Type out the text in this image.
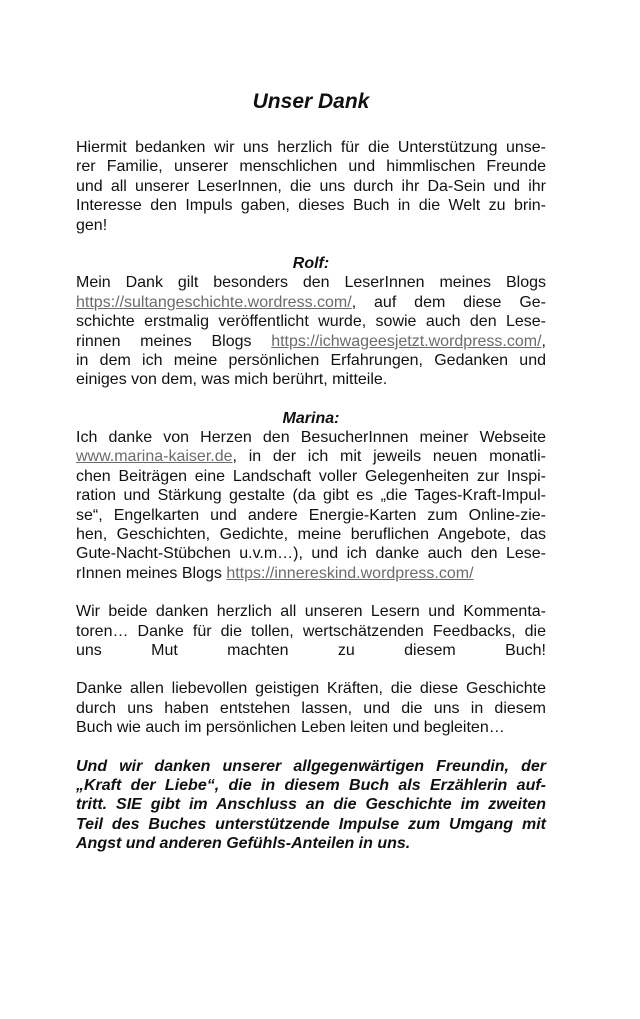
Unser Dank
Hiermit bedanken wir uns herzlich für die Unterstützung unse-
rer Familie, unserer menschlichen und himmlischen Freunde
und all unserer LeserInnen, die uns durch ihr Da-Sein und ihr
Interesse den Impuls gaben, dieses Buch in die Welt zu brin-
gen!
Rolf:
Mein Dank gilt besonders den LeserInnen meines Blogs
https://sultangeschichte.wordress.com/, auf dem diese Ge-
schichte erstmalig veröffentlicht wurde, sowie auch den Lese-
rinnen meines Blogs https://ichwageesjetzt.wordpress.com/,
in dem ich meine persönlichen Erfahrungen, Gedanken und
einiges von dem, was mich berührt, mitteile.
Marina:
Ich danke von Herzen den BesucherInnen meiner Webseite
www.marina-kaiser.de, in der ich mit jeweils neuen monatli-
chen Beiträgen eine Landschaft voller Gelegenheiten zur Inspi-
ration und Stärkung gestalte (da gibt es „die Tages-Kraft-Impul-
se“, Engelkarten und andere Energie-Karten zum Online-zie-
hen, Geschichten, Gedichte, meine beruflichen Angebote, das
Gute-Nacht-Stübchen u.v.m…), und ich danke auch den Lese-
rInnen meines Blogs https://innereskind.wordpress.com/
Wir beide danken herzlich all unseren Lesern und Kommenta-
toren… Danke für die tollen, wertschätzenden Feedbacks, die
uns Mut machten zu diesem Buch!
Danke allen liebevollen geistigen Kräften, die diese Geschichte
durch uns haben entstehen lassen, und die uns in diesem
Buch wie auch im persönlichen Leben leiten und begleiten…
Und wir danken unserer allgegenwärtigen Freundin, der
„Kraft der Liebe“, die in diesem Buch als Erzählerin auf-
tritt. SIE gibt im Anschluss an die Geschichte im zweiten
Teil des Buches unterstützende Impulse zum Umgang mit
Angst und anderen Gefühls-Anteilen in uns.
